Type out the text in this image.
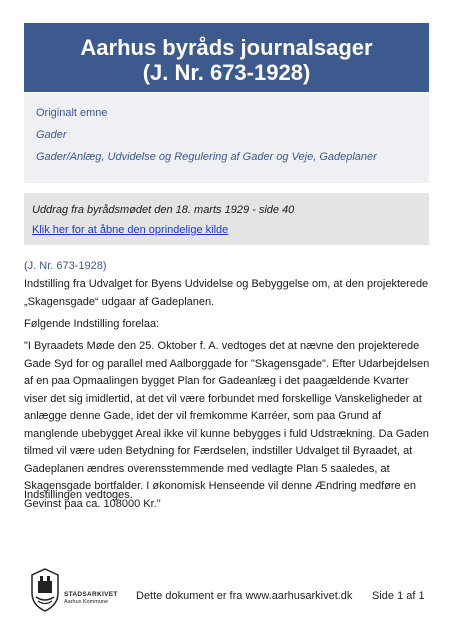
Aarhus byråds journalsager
(J. Nr. 673-1928)
Originalt emne
Gader
Gader/Anlæg, Udvidelse og Regulering af Gader og Veje, Gadeplaner
Uddrag fra byrådsmødet den 18. marts 1929 - side 40
Klik her for at åbne den oprindelige kilde
(J. Nr. 673-1928)
Indstilling fra Udvalget for Byens Udvidelse og Bebyggelse om, at den projekterede „Skagensgade“ udgaar af Gadeplanen.
Følgende Indstilling forelaa:
"I Byraadets Møde den 25. Oktober f. A. vedtoges det at nævne den projekterede Gade Syd for og parallel med Aalborggade for "Skagensgade". Efter Udarbejdelsen af en paa Opmaalingen bygget Plan for Gadeanlæg i det paagældende Kvarter viser det sig imidlertid, at det vil være forbundet med forskellige Vanskeligheder at anlægge denne Gade, idet der vil fremkomme Karréer, som paa Grund af manglende ubebygget Areal ikke vil kunne bebygges i fuld Udstrækning. Da Gaden tilmed vil være uden Betydning for Færdselen, indstiller Udvalget til Byraadet, at Gadeplanen ændres overensstemmende med vedlagte Plan 5 saaledes, at Skagensgade bortfalder. I økonomisk Henseende vil denne Ændring medføre en Gevinst paa ca. 108000 Kr."
Indstillingen vedtoges.
STADSARKIVET
Aarhus Kommune	Dette dokument er fra www.aarhusarkivet.dk Side 1 af 1
